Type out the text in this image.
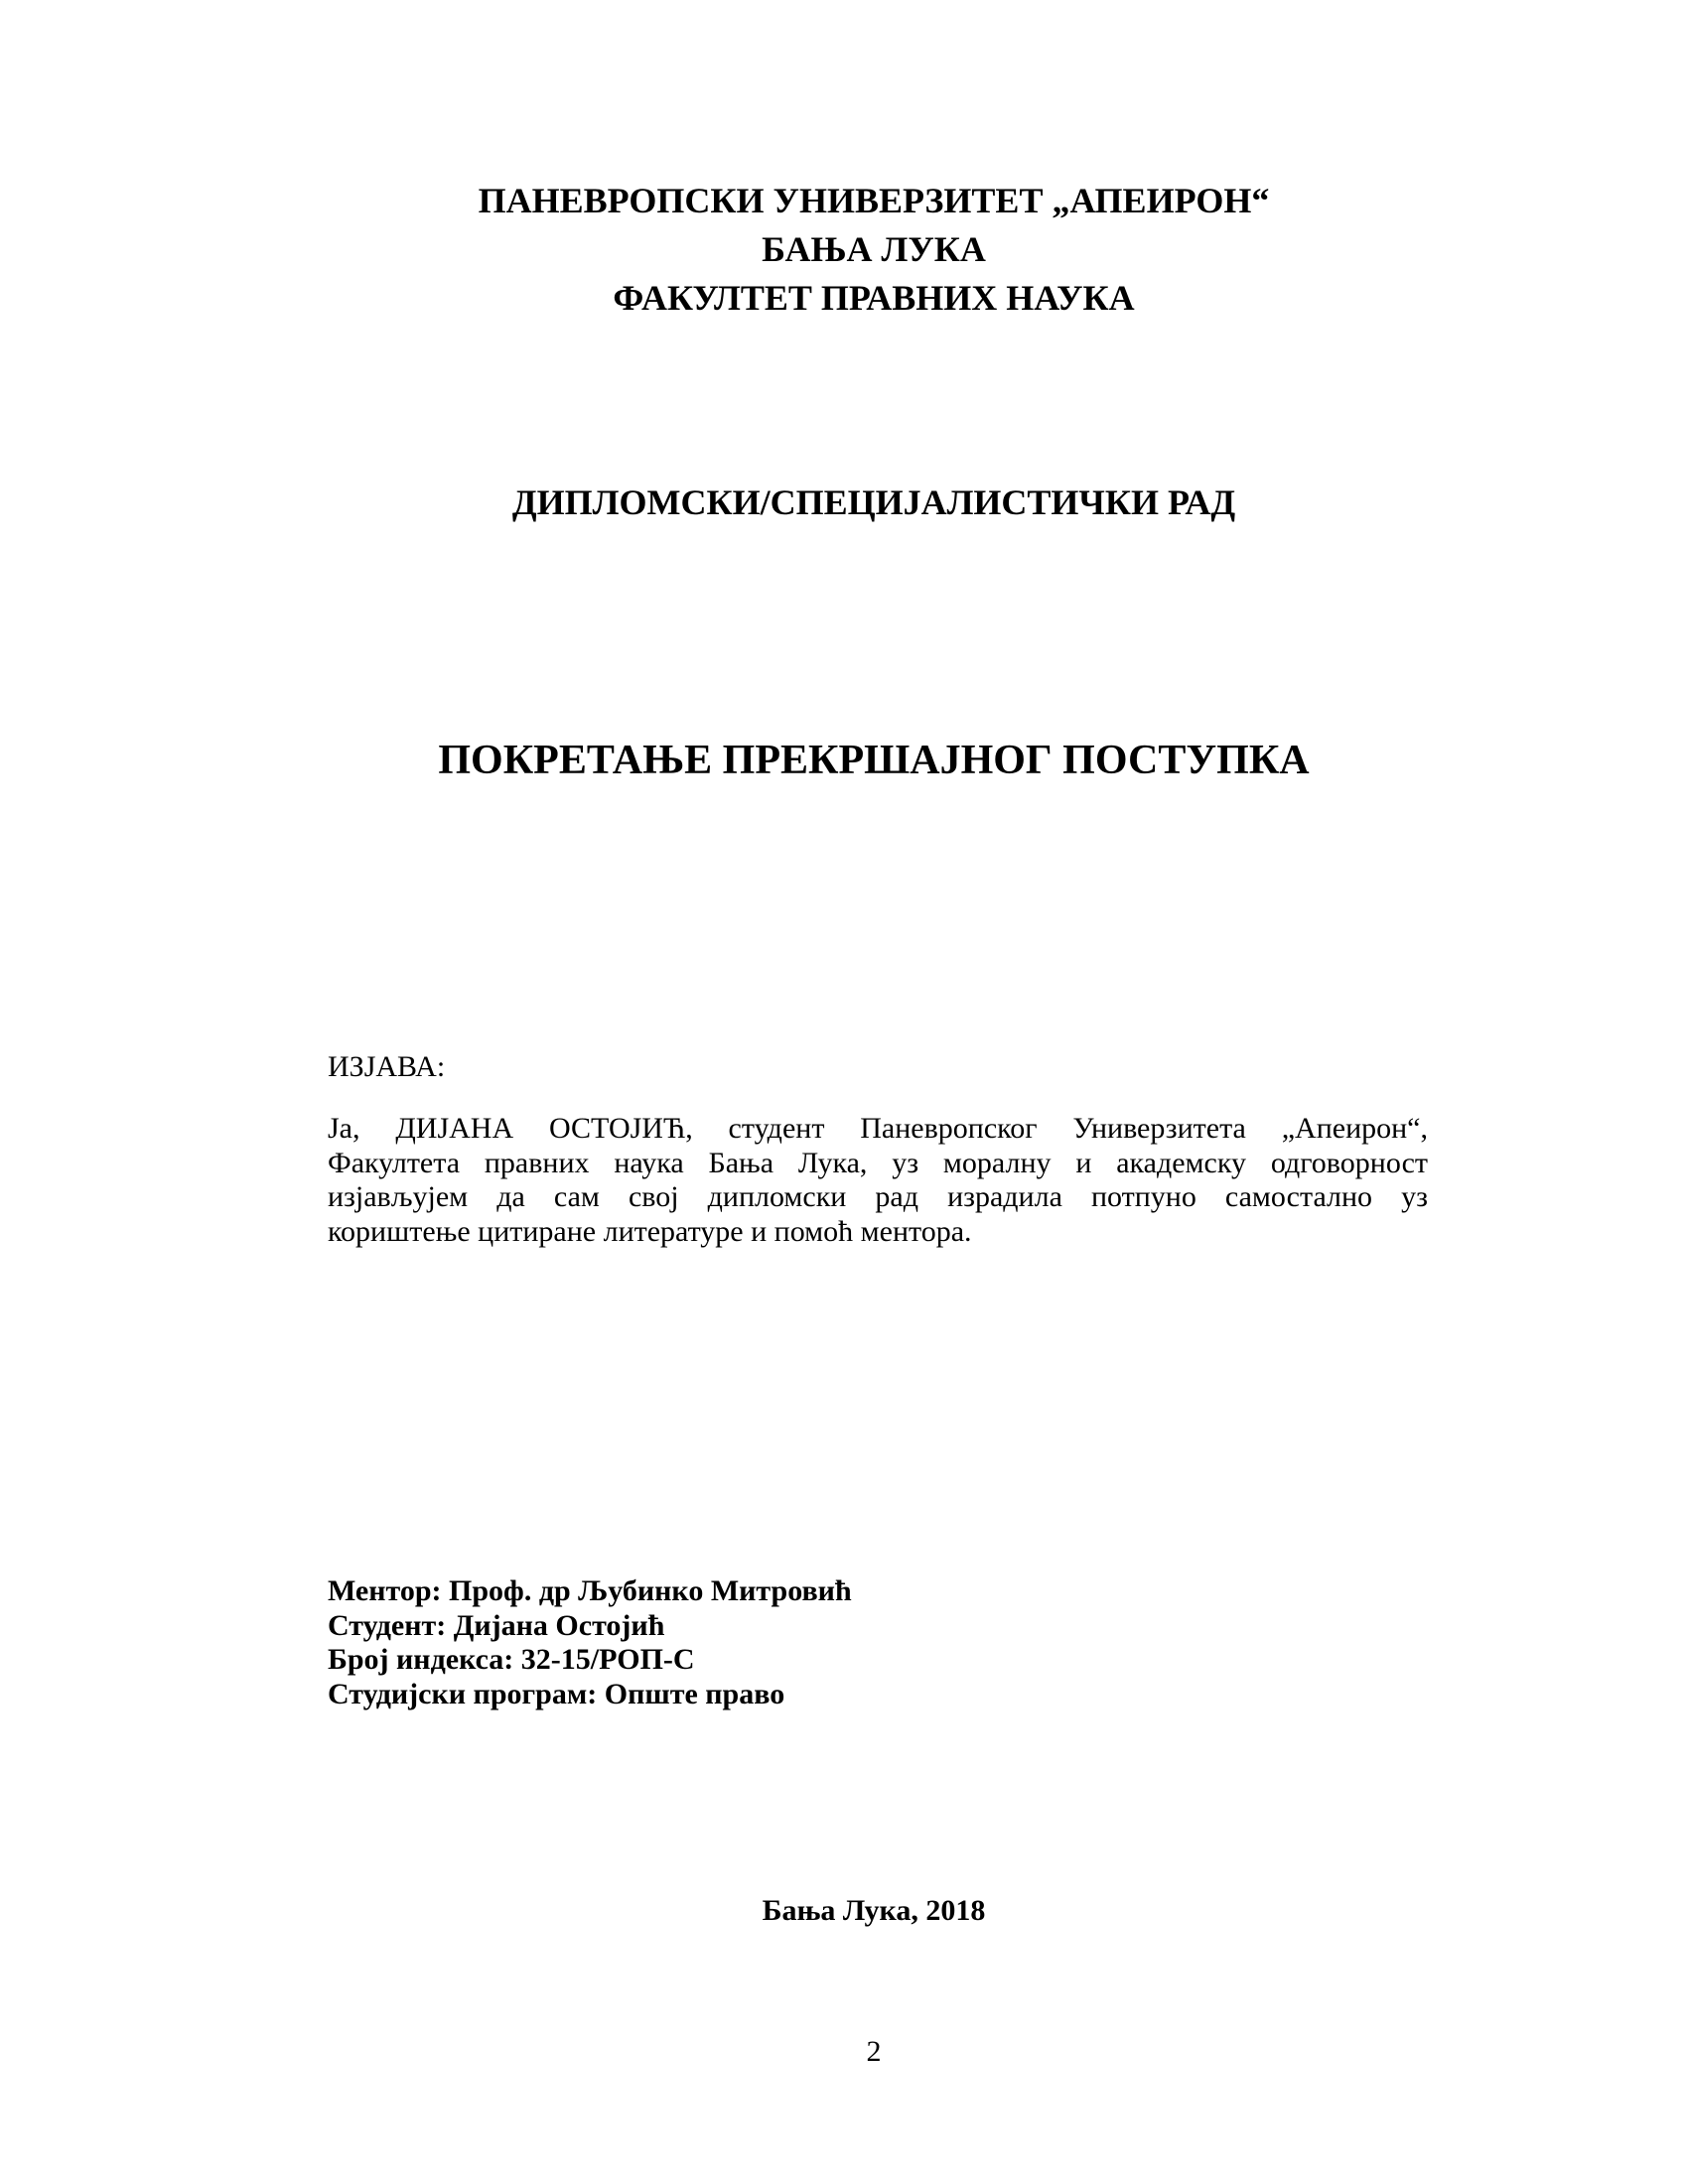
ПАНЕВРОПСКИ УНИВЕРЗИТЕТ „АПЕИРОН“
БАЊА ЛУКА
ФАКУЛТЕТ ПРАВНИХ НАУКА
ДИПЛОМСКИ/СПЕЦИЈАЛИСТИЧКИ РАД
ПОКРЕТАЊЕ ПРЕКРШАЈНОГ ПОСТУПКА
ИЗЈАВА:
Ја, ДИЈАНА ОСТОЈИЋ, студент Паневропског Универзитета „Апеирон“,
Факултета правних наука Бања Лука, уз моралну и академску одговорност
изјављујем да сам свој дипломски рад израдила потпуно самостално уз
кориштење цитиране литературе и помоћ ментора.
Ментор: Проф. др Љубинко Митровић
Студент: Дијана Остојић
Број индекса: 32-15/РОП-С
Студијски програм: Опште право
Бања Лука, 2018
2
